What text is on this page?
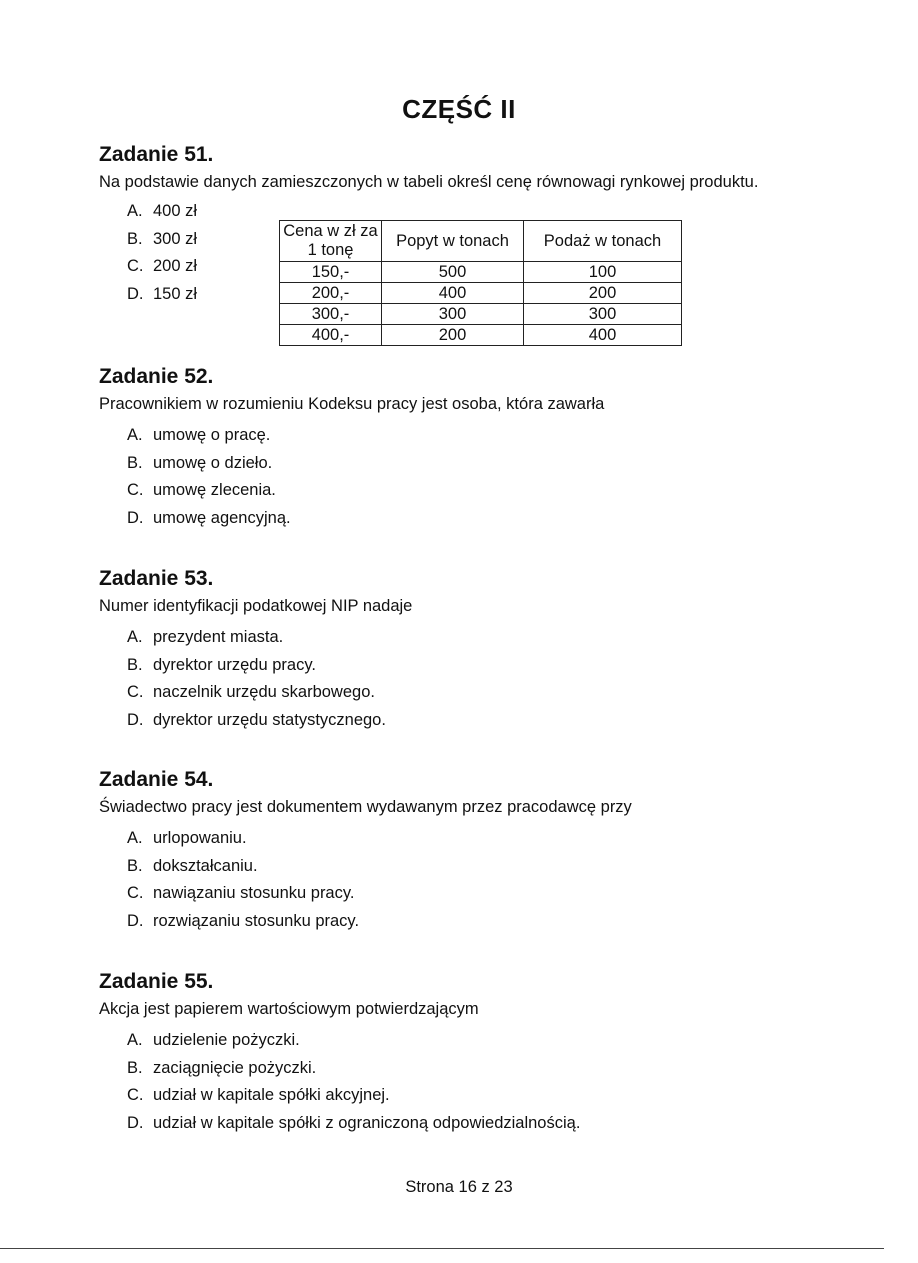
CZĘŚĆ II
Zadanie 51.
Na podstawie danych zamieszczonych w tabeli określ cenę równowagi rynkowej produktu.
A. 400 zł
B. 300 zł
C. 200 zł
D. 150 zł
Cena w zł za 1 tonę	Popyt w tonach	Podaż w tonach
150,-	500	100
200,-	400	200
300,-	300	300
400,-	200	400
Zadanie 52.
Pracownikiem w rozumieniu Kodeksu pracy jest osoba, która zawarła
A. umowę o pracę.
B. umowę o dzieło.
C. umowę zlecenia.
D. umowę agencyjną.
Zadanie 53.
Numer identyfikacji podatkowej NIP nadaje
A. prezydent miasta.
B. dyrektor urzędu pracy.
C. naczelnik urzędu skarbowego.
D. dyrektor urzędu statystycznego.
Zadanie 54.
Świadectwo pracy jest dokumentem wydawanym przez pracodawcę przy
A. urlopowaniu.
B. dokształcaniu.
C. nawiązaniu stosunku pracy.
D. rozwiązaniu stosunku pracy.
Zadanie 55.
Akcja jest papierem wartościowym potwierdzającym
A. udzielenie pożyczki.
B. zaciągnięcie pożyczki.
C. udział w kapitale spółki akcyjnej.
D. udział w kapitale spółki z ograniczoną odpowiedzialnością.
Strona 16 z 23
